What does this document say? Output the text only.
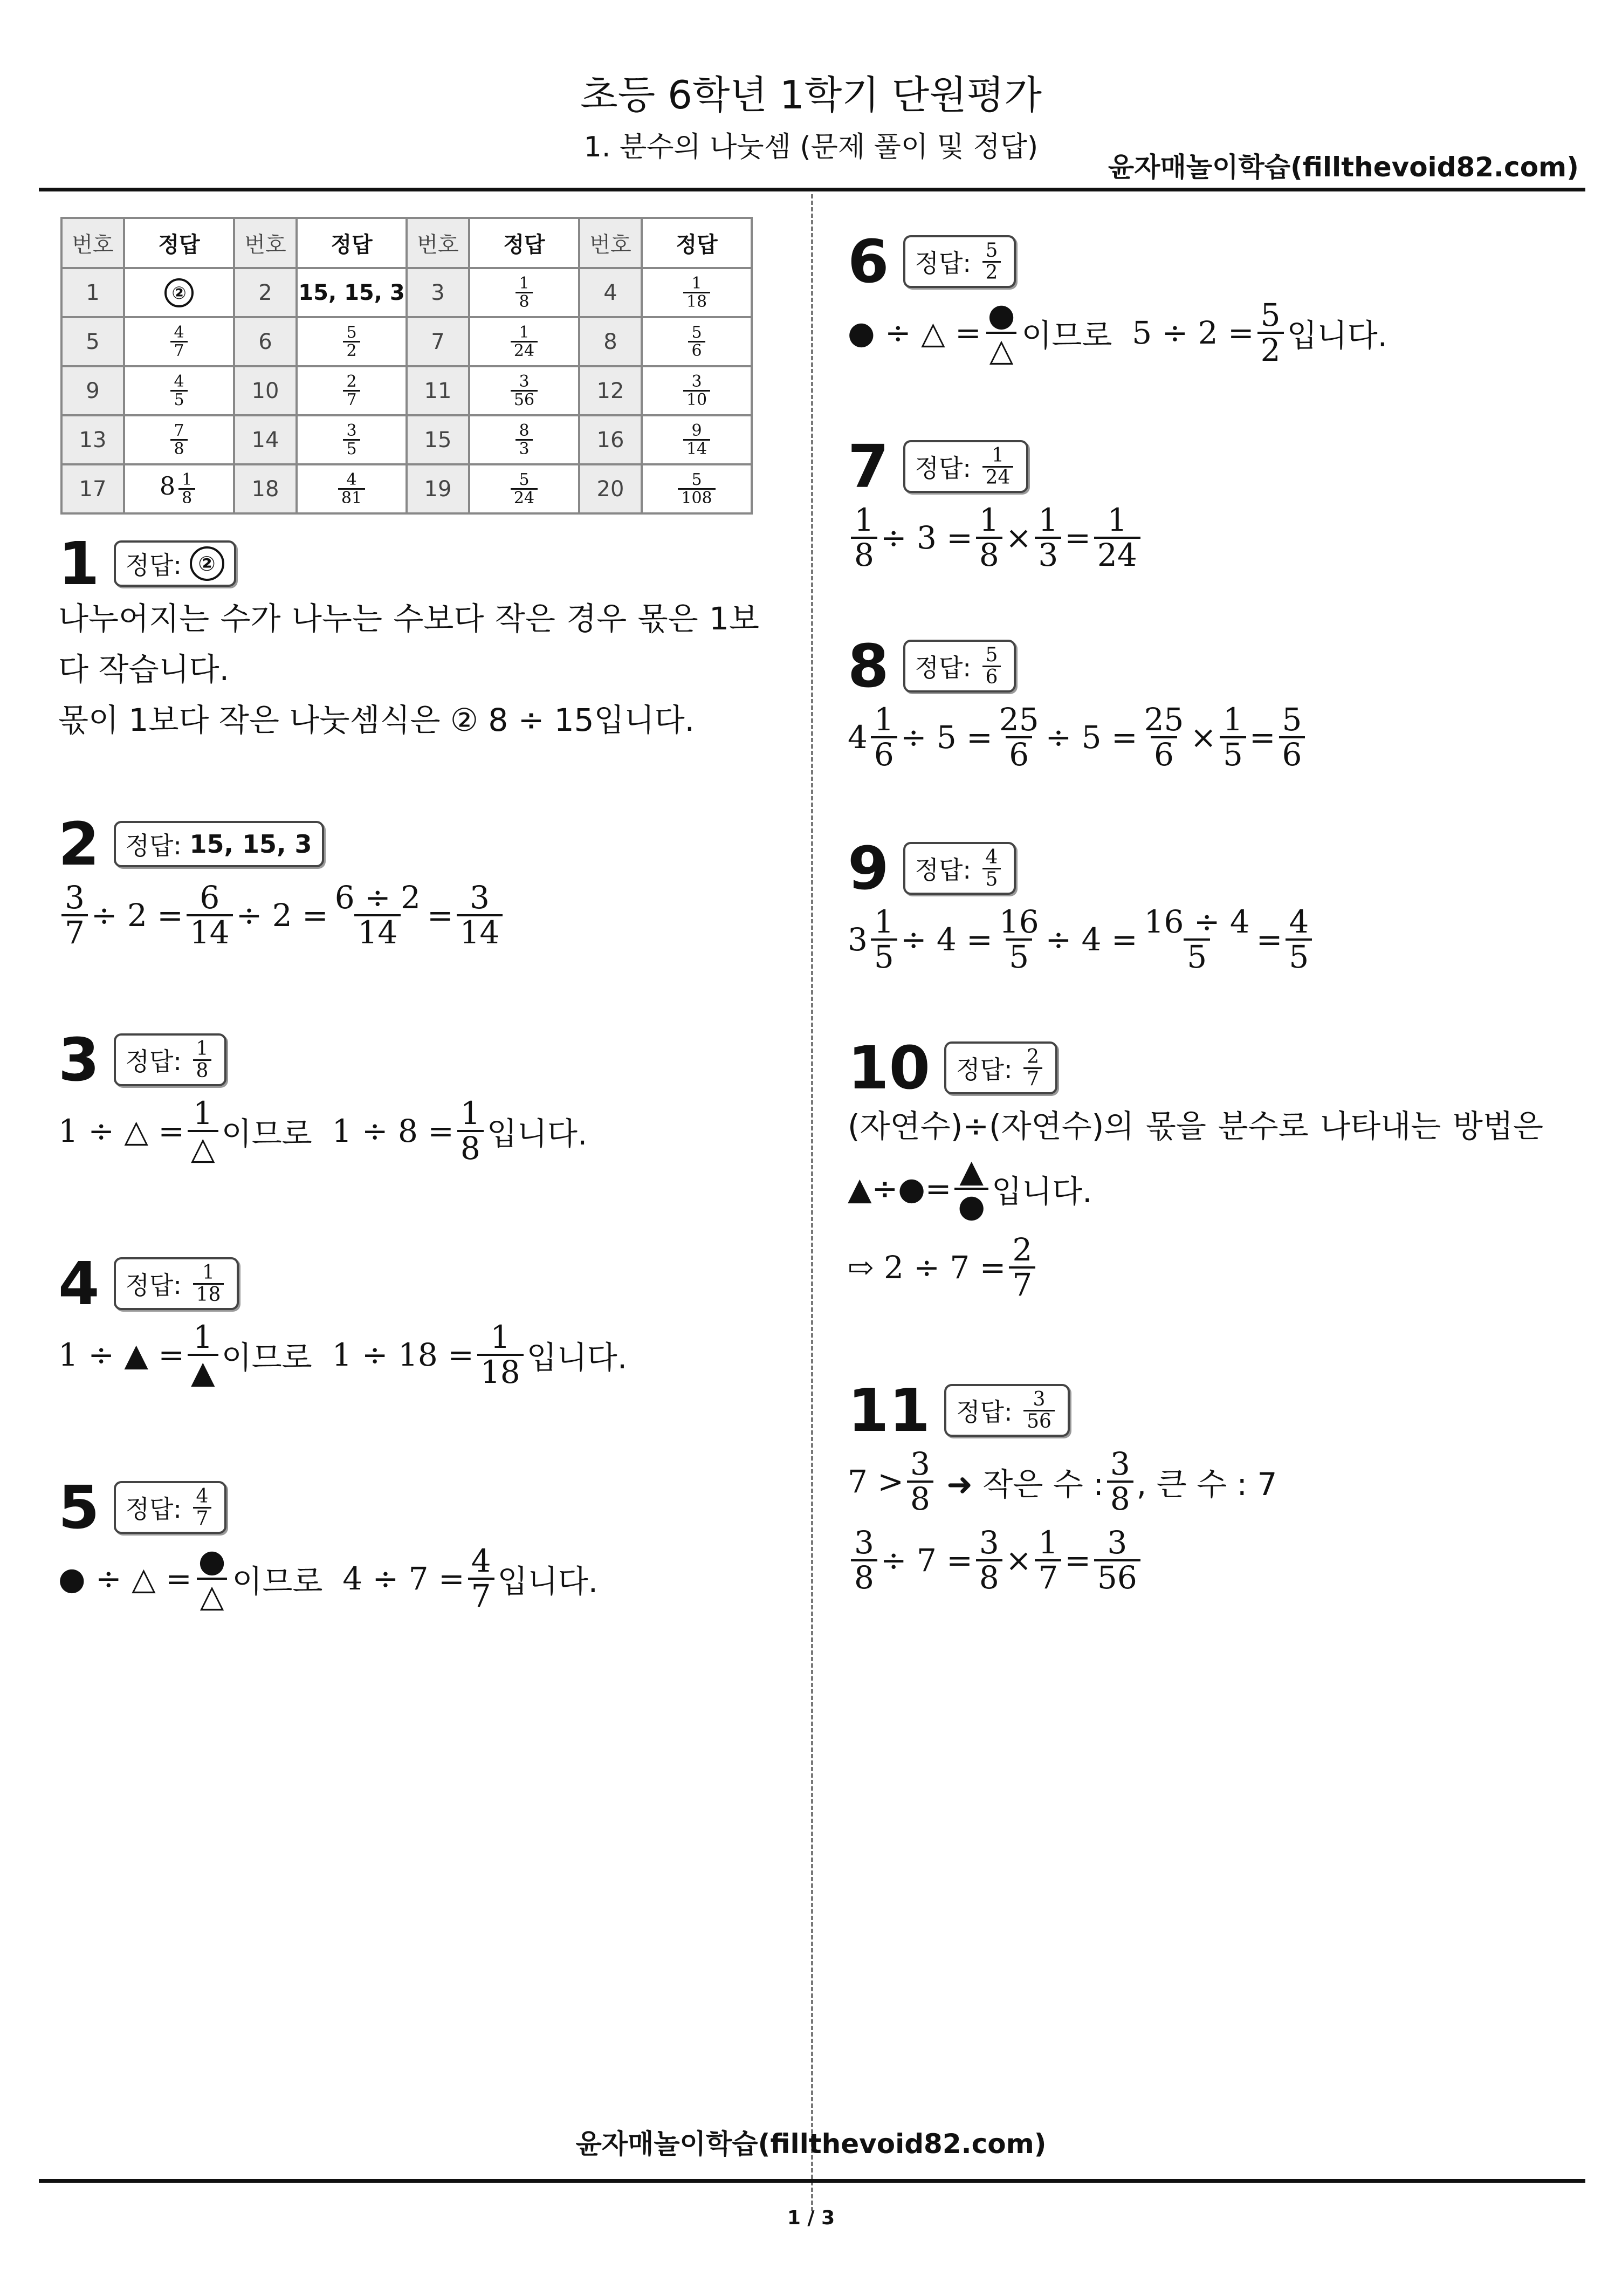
초등 6학년 1학기 단원평가
1. 분수의 나눗셈 (문제 풀이 및 정답)
윤자매놀이학습(fillthevoid82.com)
번호	정답	번호	정답	번호	정답	번호	정답
1	②	2	15, 15, 3	3	$\frac{1}{8}$	4	$\frac{1}{18}$

5	$\frac{4}{7}$	6	$\frac{5}{2}$	7	$\frac{1}{24}$	8	$\frac{5}{6}$

9	$\frac{4}{5}$	10	$\frac{2}{7}$	11	$\frac{3}{56}$	12	$\frac{3}{10}$

13	$\frac{7}{8}$	14	$\frac{3}{5}$	15	$\frac{8}{3}$	16	$\frac{9}{14}$

17	$8 \frac{1}{8}$	18	$\frac{4}{81}$	19	$\frac{5}{24}$	20	$\frac{5}{108}$
1 정답:
②
나누어지는 수가 나누는 수보다 작은 경우 몫은 1보
다 작습니다.
몫이 1보다 작은 나눗셈식은 ② 8 ÷ 15입니다.
2 정답:
15, 15, 3
$\frac{3}{7} \div 2 = \frac{6}{14} \div 2 = \frac{6 \div 2}{14} = \frac{3}{14}$
3 정답:
$\frac{1}{8}$
1 ÷ △ = $\frac{1}{\triangle}$ 이므로 $1 \div 8 = \frac{1}{8}$ 입니다.
4 정답:
$\frac{1}{18}$
1 ÷ ▲ = $\frac{1}{▲}$ 이므로 $1 \div 18 = \frac{1}{18}$ 입니다.
5 정답:
$\frac{4}{7}$
● ÷ △ = $\frac{●}{\triangle}$ 이므로 $4 \div 7 = \frac{4}{7}$ 입니다.
6 정답:
$\frac{5}{2}$
● ÷ △ = $\frac{●}{\triangle}$ 이므로 $5 \div 2 = \frac{5}{2}$ 입니다.
7 정답:
$\frac{1}{24}$
$\frac{1}{8} \div 3 = \frac{1}{8} \times \frac{1}{3} = \frac{1}{24}$
8 정답:
$\frac{5}{6}$
$4 \frac{1}{6} \div 5 = \frac{25}{6} \div 5 = \frac{25}{6} \times \frac{1}{5} = \frac{5}{6}$
9 정답:
$\frac{4}{5}$
$3 \frac{1}{5} \div 4 = \frac{16}{5} \div 4 = \frac{16 \div 4}{5} = \frac{4}{5}$
10 정답:
$\frac{2}{7}$
(자연수)÷(자연수)의 몫을 분수로 나타내는 방법은
▲÷●= $\frac{▲}{●}$ 입니다.
⇨ $2 \div 7 = \frac{2}{7}$
11 정답:
$\frac{3}{56}$
$7 > \frac{3}{8}$
➜ 작은 수 : $\frac{3}{8}$ , 큰 수 : 7
$\frac{3}{8} \div 7 = \frac{3}{8} \times \frac{1}{7} = \frac{3}{56}$
윤자매놀이학습(fillthevoid82.com)
1 / 3
